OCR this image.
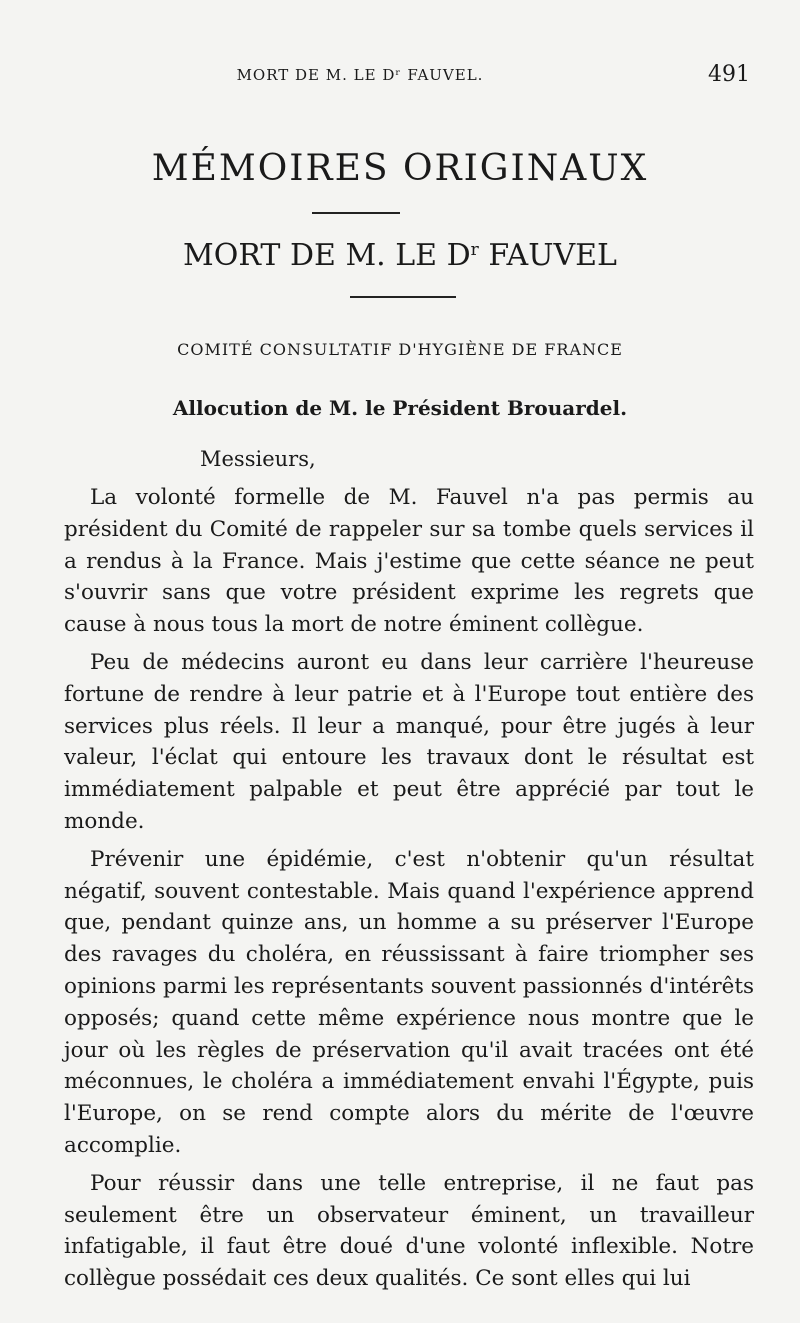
MORT DE M. LE Dʳ FAUVEL.	491
MÉMOIRES ORIGINAUX
MORT DE M. LE $D^r$ FAUVEL
COMITÉ CONSULTATIF D'HYGIÈNE DE FRANCE
Allocution de M. le Président Brouardel.
Messieurs,

La volonté formelle de M. Fauvel n'a pas permis au président du Comité de rappeler sur sa tombe quels services il a rendus à la France. Mais j'estime que cette séance ne peut s'ouvrir sans que votre président exprime les regrets que cause à nous tous la mort de notre éminent collègue.

Peu de médecins auront eu dans leur carrière l'heureuse fortune de rendre à leur patrie et à l'Europe tout entière des services plus réels. Il leur a manqué, pour être jugés à leur valeur, l'éclat qui entoure les travaux dont le résultat est immédiatement palpable et peut être apprécié par tout le monde.

Prévenir une épidémie, c'est n'obtenir qu'un résultat négatif, souvent contestable. Mais quand l'expérience apprend que, pendant quinze ans, un homme a su préserver l'Europe des ravages du choléra, en réussissant à faire triompher ses opinions parmi les représentants souvent passionnés d'intérêts opposés; quand cette même expérience nous montre que le jour où les règles de préservation qu'il avait tracées ont été méconnues, le choléra a immédiatement envahi l'Égypte, puis l'Europe, on se rend compte alors du mérite de l'œuvre accomplie.

Pour réussir dans une telle entreprise, il ne faut pas seulement être un observateur éminent, un travailleur infatigable, il faut être doué d'une volonté inflexible. Notre collègue possédait ces deux qualités. Ce sont elles qui lui
